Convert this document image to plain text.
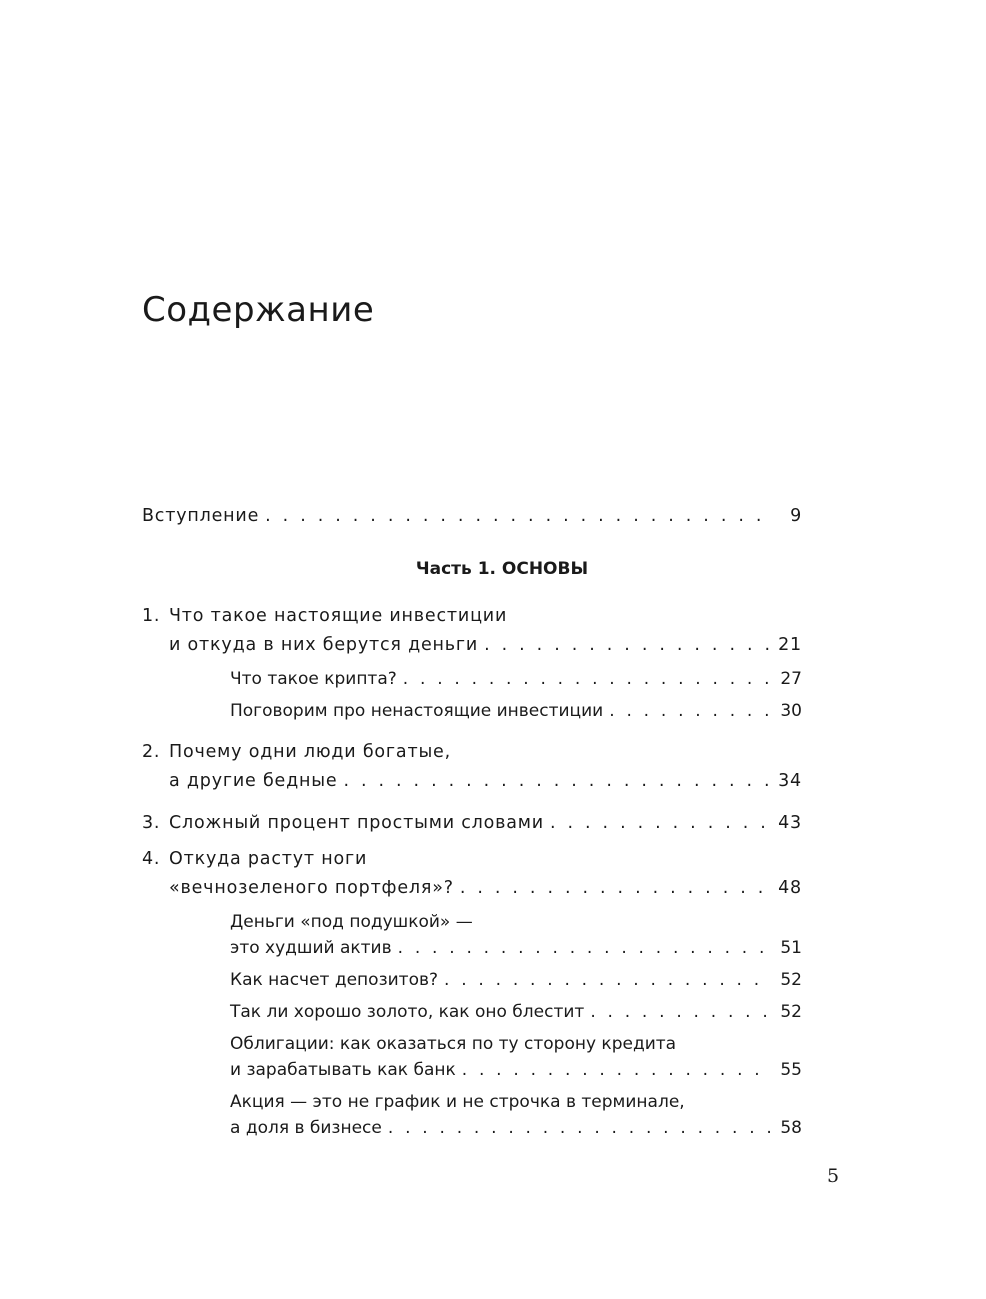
Содержание
Вступление . . .	9
Часть 1. ОСНОВЫ
1. Что такое настоящие инвестиции
и откуда в них берутся деньги . . .	21
Что такое крипта? . . .	27
Поговорим про ненастоящие инвестиции . . .	30
2. Почему одни люди богатые,
а другие бедные . . .	34
3. Сложный процент простыми словами . . .	43
4. Откуда растут ноги
«вечнозеленого портфеля»? . . .	48
Деньги «под подушкой» —
это худший актив . . .	51
Как насчет депозитов? . . .	52
Так ли хорошо золото, как оно блестит . . .	52
Облигации: как оказаться по ту сторону кредита
и зарабатывать как банк . . .	55
Акция — это не график и не строчка в терминале,
а доля в бизнесе . . .	58
5
